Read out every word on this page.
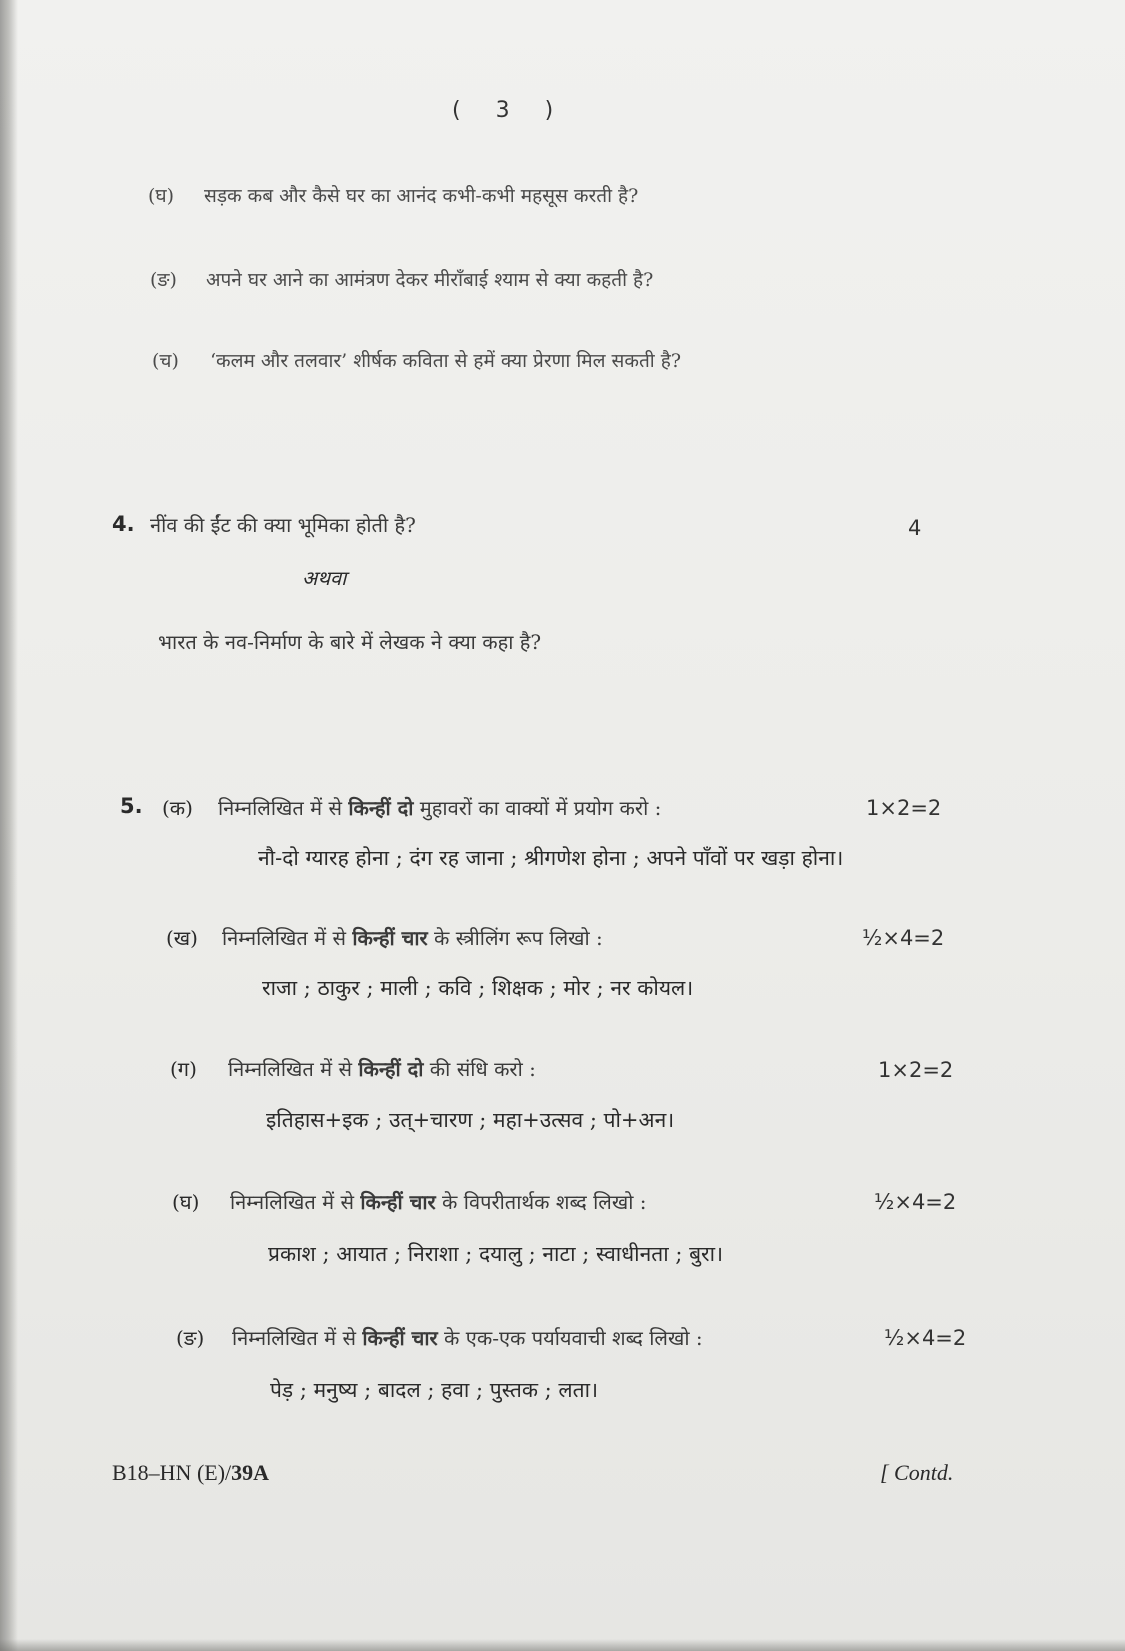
( 3 )
(घ) सड़क कब और कैसे घर का आनंद कभी-कभी महसूस करती है?
(ङ) अपने घर आने का आमंत्रण देकर मीराँबाई श्याम से क्या कहती है?
(च) ‘कलम और तलवार’ शीर्षक कविता से हमें क्या प्रेरणा मिल सकती है?
4. नींव की ईंट की क्या भूमिका होती है?	4
अथवा
भारत के नव-निर्माण के बारे में लेखक ने क्या कहा है?
5. (क) निम्नलिखित में से किन्हीं दो मुहावरों का वाक्यों में प्रयोग करो :	1×2=2
नौ-दो ग्यारह होना ; दंग रह जाना ; श्रीगणेश होना ; अपने पाँवों पर खड़ा होना।
(ख) निम्नलिखित में से किन्हीं चार के स्त्रीलिंग रूप लिखो :	½×4=2
राजा ; ठाकुर ; माली ; कवि ; शिक्षक ; मोर ; नर कोयल।
(ग) निम्नलिखित में से किन्हीं दो की संधि करो :	1×2=2
इतिहास+इक ; उत्+चारण ; महा+उत्सव ; पो+अन।
(घ) निम्नलिखित में से किन्हीं चार के विपरीतार्थक शब्द लिखो :	½×4=2
प्रकाश ; आयात ; निराशा ; दयालु ; नाटा ; स्वाधीनता ; बुरा।
(ङ) निम्नलिखित में से किन्हीं चार के एक-एक पर्यायवाची शब्द लिखो :	½×4=2
पेड़ ; मनुष्य ; बादल ; हवा ; पुस्तक ; लता।
B18–HN (E)/39A	[ Contd.
